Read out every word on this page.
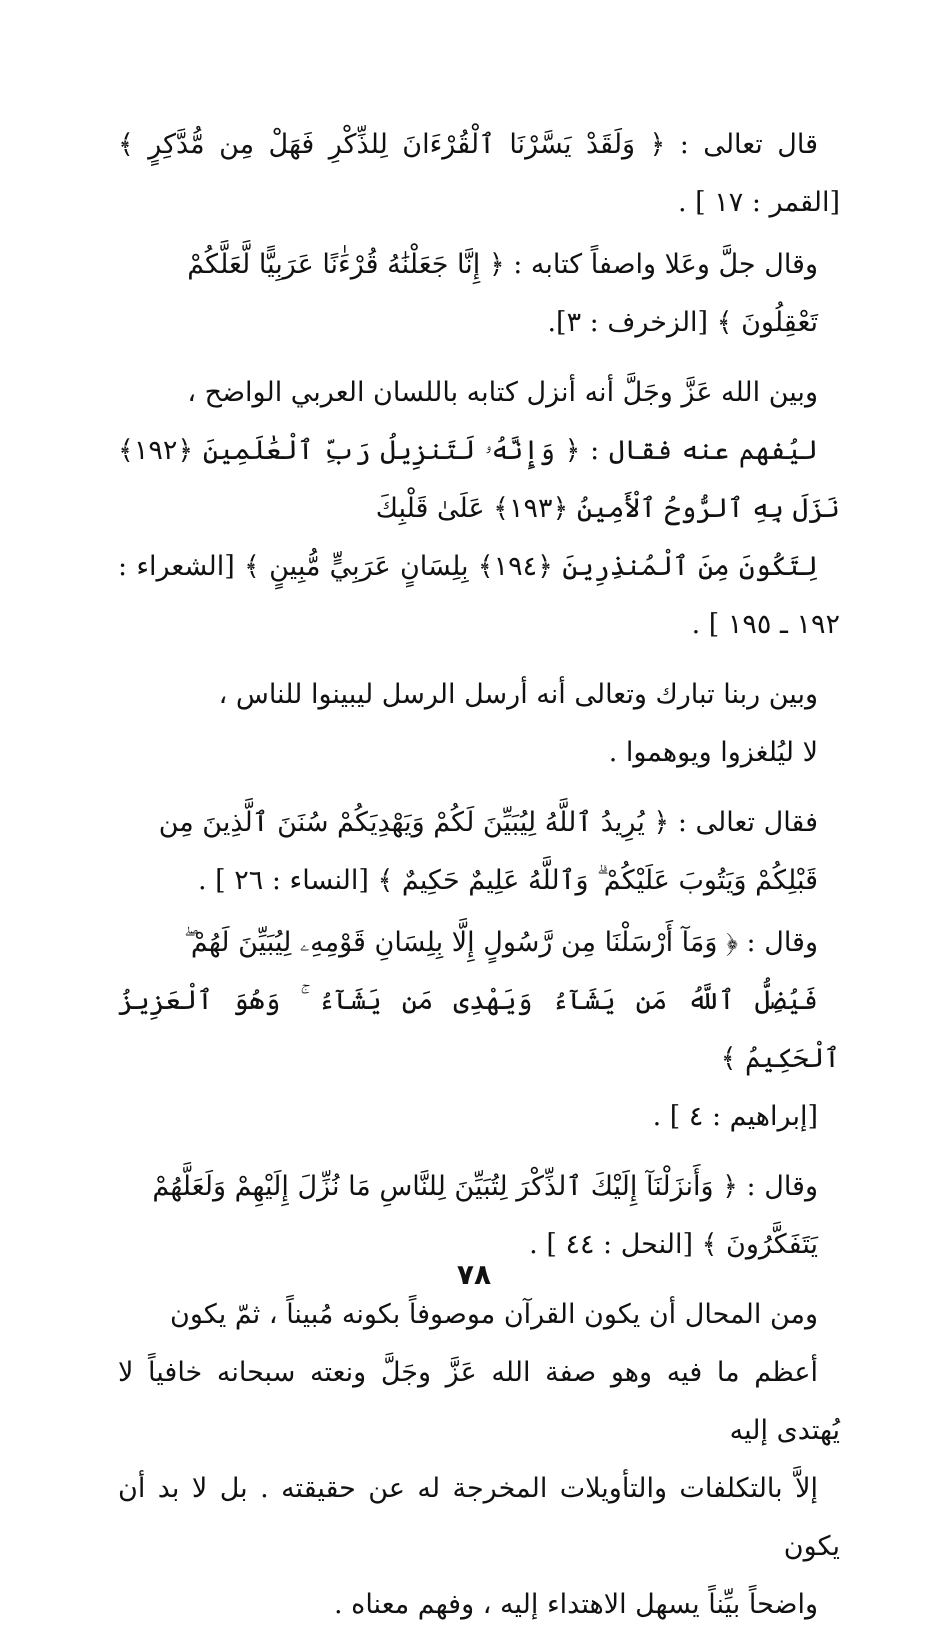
قال تعالى : ﴿ وَلَقَدْ يَسَّرْنَا ٱلْقُرْءَانَ لِلذِّكْرِ فَهَلْ مِن مُّدَّكِرٍ ﴾ [القمر : ١٧ ] .

وقال جلَّ وعَلا واصفاً كتابه : ﴿ إِنَّا جَعَلْنَٰهُ قُرْءَٰنًا عَرَبِيًّا لَّعَلَّكُمْ
تَعْقِلُونَ ﴾ [الزخرف : ٣].

وبين الله عَزَّ وجَلَّ أنه أنزل كتابه باللسان العربي الواضح ،
ليُفهم عنه فقال : ﴿ وَإِنَّهُۥ لَتَنزِيلُ رَبِّ ٱلْعَٰلَمِينَ ﴿١٩٢﴾ نَزَلَ بِهِ ٱلرُّوحُ ٱلْأَمِينُ ﴿١٩٣﴾ عَلَىٰ قَلْبِكَ
لِتَكُونَ مِنَ ٱلْمُنذِرِينَ ﴿١٩٤﴾ بِلِسَانٍ عَرَبِيٍّ مُّبِينٍ ﴾ [الشعراء : ١٩٢ ـ ١٩٥ ] .

وبين ربنا تبارك وتعالى أنه أرسل الرسل ليبينوا للناس ،
لا ليُلغزوا ويوهموا .

فقال تعالى : ﴿ يُرِيدُ ٱللَّهُ لِيُبَيِّنَ لَكُمْ وَيَهْدِيَكُمْ سُنَنَ ٱلَّذِينَ مِن
قَبْلِكُمْ وَيَتُوبَ عَلَيْكُمْ ۗ وَٱللَّهُ عَلِيمٌ حَكِيمٌ ﴾ [النساء : ٢٦ ] .

وقال : ﴿ وَمَآ أَرْسَلْنَا مِن رَّسُولٍ إِلَّا بِلِسَانِ قَوْمِهِۦ لِيُبَيِّنَ لَهُمْ ۖ
فَيُضِلُّ ٱللَّهُ مَن يَشَآءُ وَيَهْدِى مَن يَشَآءُ ۚ وَهُوَ ٱلْعَزِيزُ ٱلْحَكِيمُ ﴾
[إبراهيم : ٤ ] .

وقال : ﴿ وَأَنزَلْنَآ إِلَيْكَ ٱلذِّكْرَ لِتُبَيِّنَ لِلنَّاسِ مَا نُزِّلَ إِلَيْهِمْ وَلَعَلَّهُمْ
يَتَفَكَّرُونَ ﴾ [النحل : ٤٤ ] .

ومن المحال أن يكون القرآن موصوفاً بكونه مُبيناً ، ثمّ يكون
أعظم ما فيه وهو صفة الله عَزَّ وجَلَّ ونعته سبحانه خافياً لا يُهتدى إليه
إلاَّ بالتكلفات والتأويلات المخرجة له عن حقيقته . بل لا بد أن يكون
واضحاً بيِّناً يسهل الاهتداء إليه ، وفهم معناه .

٧٨
